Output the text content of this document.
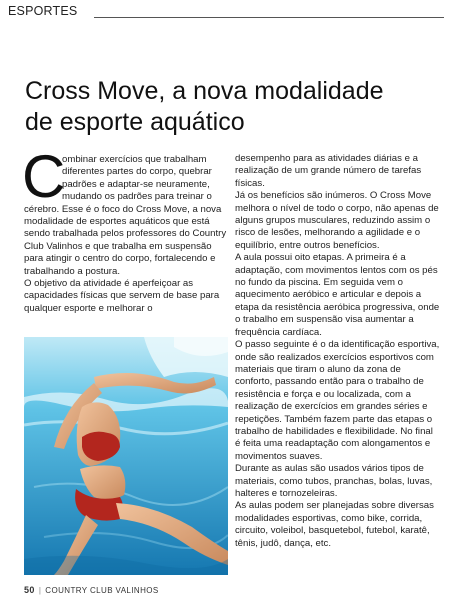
ESPORTES
Cross Move, a nova modalidade
de esporte aquático

C
ombinar exercícios que trabalham diferentes partes do corpo, quebrar padrões e adaptar-se neuramente, mudando os padrões para treinar o cérebro. Esse é o foco do Cross Move, a nova modalidade de esportes aquáticos que está sendo trabalhada pelos professores do Country Club Valinhos e que trabalha em suspensão para atingir o centro do corpo, fortalecendo e trabalhando a postura.

O objetivo da atividade é aperfeiçoar as capacidades físicas que servem de base para qualquer esporte e melhorar o

desempenho para as atividades diárias e a realização de um grande número de tarefas físicas.

Já os benefícios são inúmeros. O Cross Move melhora o nível de todo o corpo, não apenas de alguns grupos musculares, reduzindo assim o risco de lesões, melhorando a agilidade e o equilíbrio, entre outros benefícios.

A aula possui oito etapas. A primeira é a adaptação, com movimentos lentos com os pés no fundo da piscina. Em seguida vem o aquecimento aeróbico e articular e depois a etapa da resistência aeróbica progressiva, onde o trabalho em suspensão visa aumentar a frequência cardíaca.

O passo seguinte é o da identificação esportiva, onde são realizados exercícios esportivos com materiais que tiram o aluno da zona de conforto, passando então para o trabalho de resistência e força e ou localizada, com a realização de exercícios em grandes séries e repetições. Também fazem parte das etapas o trabalho de habilidades e flexibilidade. No final é feita uma readaptação com alongamentos e movimentos suaves.

Durante as aulas são usados vários tipos de materiais, como tubos, pranchas, bolas, luvas, halteres e tornozeleiras.

As aulas podem ser planejadas sobre diversas modalidades esportivas, como bike, corrida, circuito, voleibol, basquetebol, futebol, karatê, tênis, judô, dança, etc.

50 | COUNTRY CLUB VALINHOS
